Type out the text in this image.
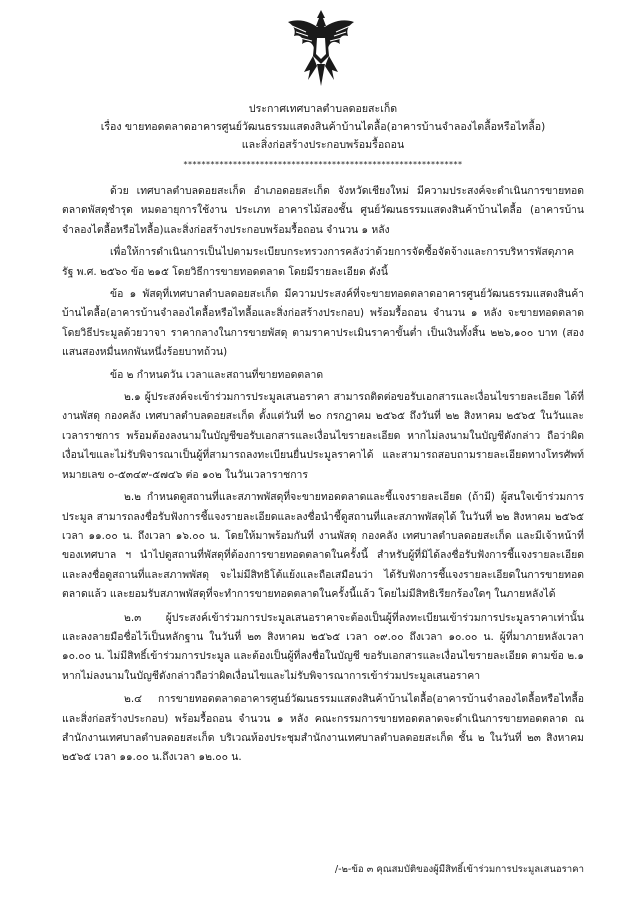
ประกาศเทศบาลตำบลดอยสะเก็ด
เรื่อง ขายทอดตลาดอาคารศูนย์วัฒนธรรมแสดงสินค้าบ้านไตลื้อ(อาคารบ้านจำลองไตลื้อหรือไทลื้อ)
และสิ่งก่อสร้างประกอบพร้อมรื้อถอน
**************************************************************

ด้วย เทศบาลตำบลดอยสะเก็ด อำเภอดอยสะเก็ด จังหวัดเชียงใหม่ มีความประสงค์จะดำเนินการขายทอดตลาดพัสดุชำรุด หมดอายุการใช้งาน ประเภท อาคารไม้สองชั้น ศูนย์วัฒนธรรมแสดงสินค้าบ้านไตลื้อ (อาคารบ้านจำลองไตลื้อหรือไทลื้อ)และสิ่งก่อสร้างประกอบพร้อมรื้อถอน จำนวน ๑ หลัง

เพื่อให้การดำเนินการเป็นไปตามระเบียบกระทรวงการคลังว่าด้วยการจัดซื้อจัดจ้างและการบริหารพัสดุภาครัฐ พ.ศ. ๒๕๖๐ ข้อ ๒๑๕ โดยวิธีการขายทอดตลาด โดยมีรายละเอียด ดังนี้

ข้อ ๑ พัสดุที่เทศบาลตำบลดอยสะเก็ด มีความประสงค์ที่จะขายทอดตลาดอาคารศูนย์วัฒนธรรมแสดงสินค้าบ้านไตลื้อ(อาคารบ้านจำลองไตลื้อหรือไทลื้อและสิ่งก่อสร้างประกอบ) พร้อมรื้อถอน จำนวน ๑ หลัง จะขายทอดตลาด โดยวิธีประมูลด้วยวาจา ราคากลางในการขายพัสดุ ตามราคาประเมินราคาขั้นต่ำ เป็นเงินทั้งสิ้น ๒๒๖,๑๐๐ บาท (สองแสนสองหมื่นหกพันหนึ่งร้อยบาทถ้วน)

ข้อ ๒ กำหนดวัน เวลาและสถานที่ขายทอดตลาด

๒.๑ ผู้ประสงค์จะเข้าร่วมการประมูลเสนอราคา สามารถติดต่อขอรับเอกสารและเงื่อนไขรายละเอียด ได้ที่งานพัสดุ กองคลัง เทศบาลตำบลดอยสะเก็ด ตั้งแต่วันที่ ๒๐ กรกฎาคม ๒๕๖๕ ถึงวันที่ ๒๒ สิงหาคม ๒๕๖๕ ในวันและเวลาราชการ พร้อมต้องลงนามในบัญชีขอรับเอกสารและเงื่อนไขรายละเอียด หากไม่ลงนามในบัญชีดังกล่าว ถือว่าผิดเงื่อนไขและไม่รับพิจารณาเป็นผู้ที่สามารถลงทะเบียนยื่นประมูลราคาได้ และสามารถสอบถามรายละเอียดทางโทรศัพท์หมายเลข ๐-๕๓๔๙-๕๗๔๖ ต่อ ๑๐๒ ในวันเวลาราชการ

๒.๒ กำหนดดูสถานที่และสภาพพัสดุที่จะขายทอดตลาดและชี้แจงรายละเอียด (ถ้ามี) ผู้สนใจเข้าร่วมการประมูล สามารถลงชื่อรับฟังการชี้แจงรายละเอียดและลงชื่อนำชี้ดูสถานที่และสภาพพัสดุได้ ในวันที่ ๒๒ สิงหาคม ๒๕๖๕ เวลา ๑๑.๐๐ น. ถึงเวลา ๑๖.๐๐ น. โดยให้มาพร้อมกันที่ งานพัสดุ กองคลัง เทศบาลตำบลดอยสะเก็ด และมีเจ้าหน้าที่ของเทศบาล ฯ นำไปดูสถานที่พัสดุที่ต้องการขายทอดตลาดในครั้งนี้ สำหรับผู้ที่มิได้ลงชื่อรับฟังการชี้แจงรายละเอียดและลงชื่อดูสถานที่และสภาพพัสดุ จะไม่มีสิทธิโต้แย้งและถือเสมือนว่า ได้รับฟังการชี้แจงรายละเอียดในการขายทอดตลาดแล้ว และยอมรับสภาพพัสดุที่จะทำการขายทอดตลาดในครั้งนี้แล้ว โดยไม่มีสิทธิเรียกร้องใดๆ ในภายหลังได้

๒.๓ ผู้ประสงค์เข้าร่วมการประมูลเสนอราคาจะต้องเป็นผู้ที่ลงทะเบียนเข้าร่วมการประมูลราคาเท่านั้น และลงลายมือชื่อไว้เป็นหลักฐาน ในวันที่ ๒๓ สิงหาคม ๒๕๖๕ เวลา ๐๙.๐๐ ถึงเวลา ๑๐.๐๐ น. ผู้ที่มาภายหลังเวลา ๑๐.๐๐ น. ไม่มีสิทธิ์เข้าร่วมการประมูล และต้องเป็นผู้ที่ลงชื่อในบัญชี ขอรับเอกสารและเงื่อนไขรายละเอียด ตามข้อ ๒.๑ หากไม่ลงนามในบัญชีดังกล่าวถือว่าผิดเงื่อนไขและไม่รับพิจารณาการเข้าร่วมประมูลเสนอราคา

๒.๔ การขายทอดตลาดอาคารศูนย์วัฒนธรรมแสดงสินค้าบ้านไตลื้อ(อาคารบ้านจำลองไตลื้อหรือไทลื้อและสิ่งก่อสร้างประกอบ) พร้อมรื้อถอน จำนวน ๑ หลัง คณะกรรมการขายทอดตลาดจะดำเนินการขายทอดตลาด ณ สำนักงานเทศบาลตำบลดอยสะเก็ด บริเวณห้องประชุมสำนักงานเทศบาลตำบลดอยสะเก็ด ชั้น ๒ ในวันที่ ๒๓ สิงหาคม ๒๕๖๕ เวลา ๑๑.๐๐ น.ถึงเวลา ๑๒.๐๐ น.

/-๒-ข้อ ๓ คุณสมบัติของผู้มีสิทธิ์เข้าร่วมการประมูลเสนอราคา
